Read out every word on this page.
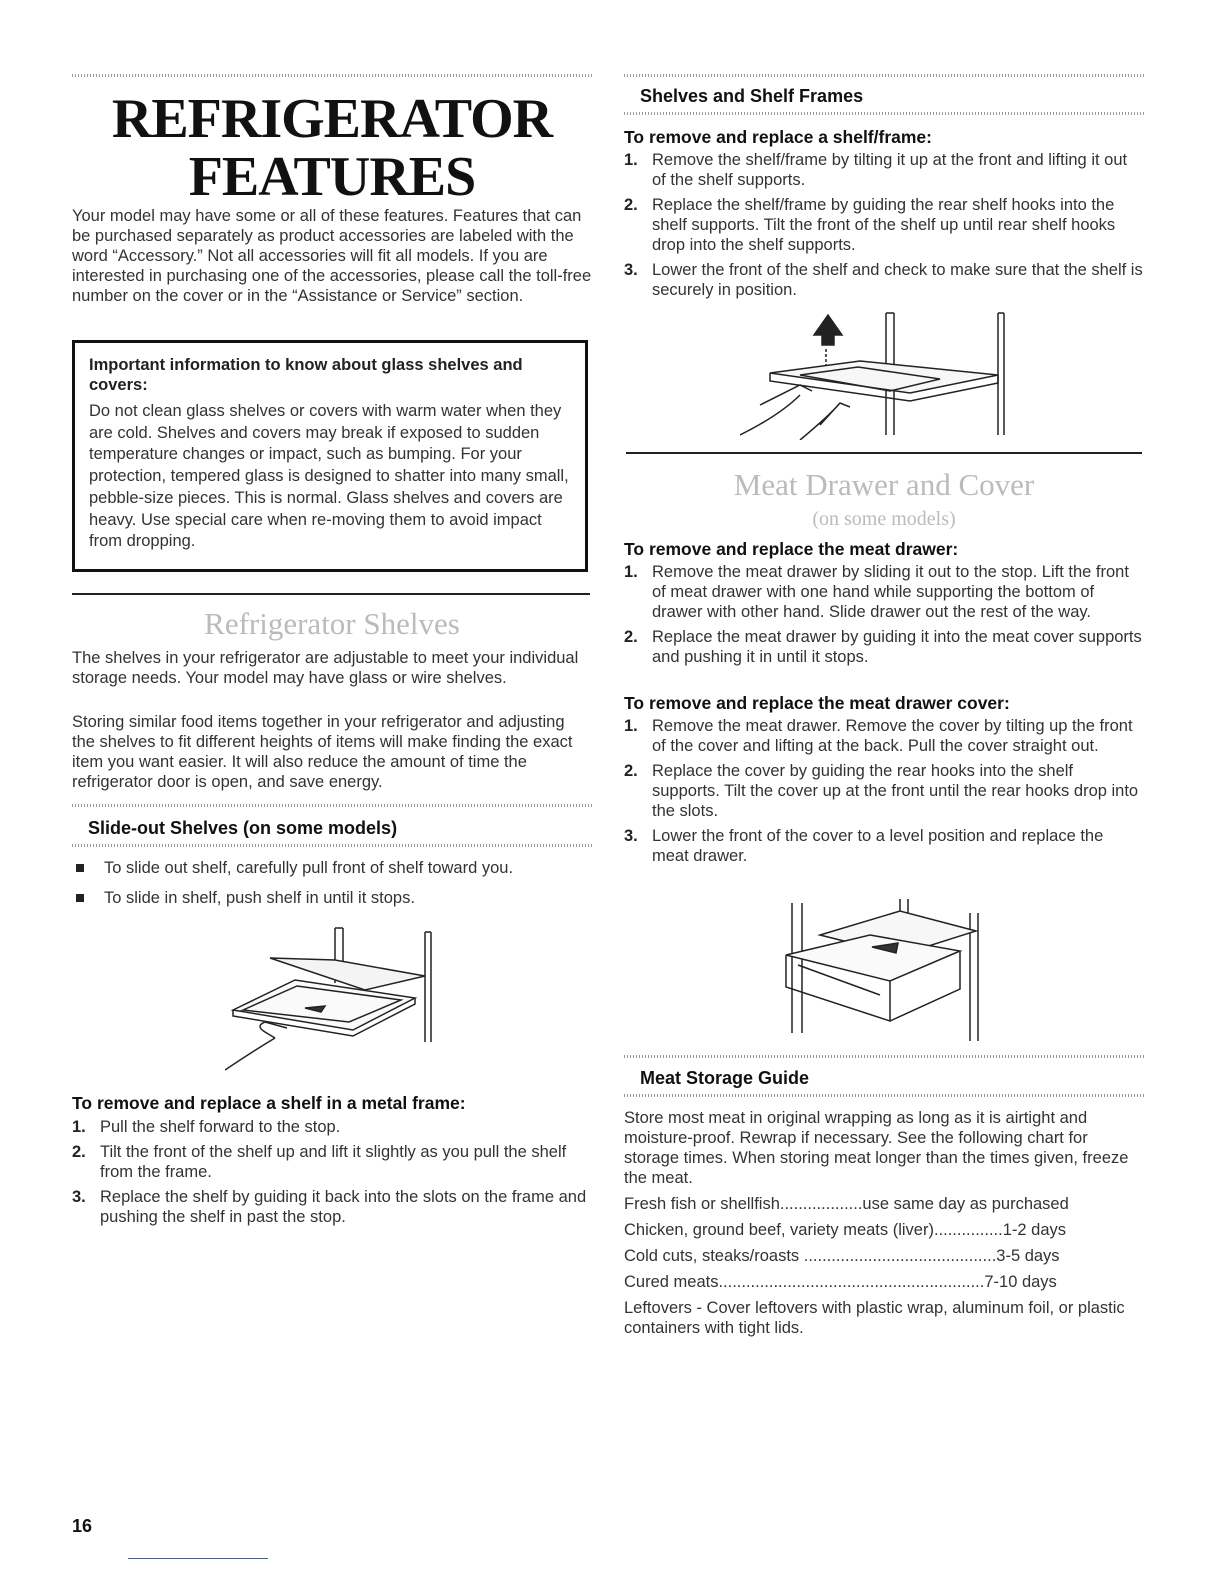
REFRIGERATOR
FEATURES

Your model may have some or all of these features. Features that can be purchased separately as product accessories are labeled with the word “Accessory.” Not all accessories will fit all models. If you are interested in purchasing one of the accessories, please call the toll-free number on the cover or in the “Assistance or Service” section.

Important information to know about glass shelves and covers:

Do not clean glass shelves or covers with warm water when they are cold. Shelves and covers may break if exposed to sudden temperature changes or impact, such as bumping. For your protection, tempered glass is designed to shatter into many small, pebble-size pieces. This is normal. Glass shelves and covers are heavy. Use special care when re-moving them to avoid impact from dropping.

Refrigerator Shelves

The shelves in your refrigerator are adjustable to meet your individual storage needs. Your model may have glass or wire shelves.

Storing similar food items together in your refrigerator and adjusting the shelves to fit different heights of items will make finding the exact item you want easier. It will also reduce the amount of time the refrigerator door is open, and save energy.

Slide-out Shelves (on some models)
To slide out shelf, carefully pull front of shelf toward you.
To slide in shelf, push shelf in until it stops.
To remove and replace a shelf in a metal frame:
1. Pull the shelf forward to the stop.
2. Tilt the front of the shelf up and lift it slightly as you pull the shelf from the frame.
3. Replace the shelf by guiding it back into the slots on the frame and pushing the shelf in past the stop.
16
Shelves and Shelf Frames
To remove and replace a shelf/frame:
1. Remove the shelf/frame by tilting it up at the front and lifting it out of the shelf supports.
2. Replace the shelf/frame by guiding the rear shelf hooks into the shelf supports. Tilt the front of the shelf up until rear shelf hooks drop into the shelf supports.
3. Lower the front of the shelf and check to make sure that the shelf is securely in position.
Meat Drawer and Cover
(on some models)
To remove and replace the meat drawer:
1. Remove the meat drawer by sliding it out to the stop. Lift the front of meat drawer with one hand while supporting the bottom of drawer with other hand. Slide drawer out the rest of the way.
2. Replace the meat drawer by guiding it into the meat cover supports and pushing it in until it stops.
To remove and replace the meat drawer cover:
1. Remove the meat drawer. Remove the cover by tilting up the front of the cover and lifting at the back. Pull the cover straight out.
2. Replace the cover by guiding the rear hooks into the shelf supports. Tilt the cover up at the front until the rear hooks drop into the slots.
3. Lower the front of the cover to a level position and replace the meat drawer.
Meat Storage Guide

Store most meat in original wrapping as long as it is airtight and moisture-proof. Rewrap if necessary. See the following chart for storage times. When storing meat longer than the times given, freeze the meat.

Fresh fish or shellfish..................use same day as purchased

Chicken, ground beef, variety meats (liver)...............1-2 days

Cold cuts, steaks/roasts ..........................................3-5 days

Cured meats..........................................................7-10 days

Leftovers - Cover leftovers with plastic wrap, aluminum foil, or plastic containers with tight lids.
